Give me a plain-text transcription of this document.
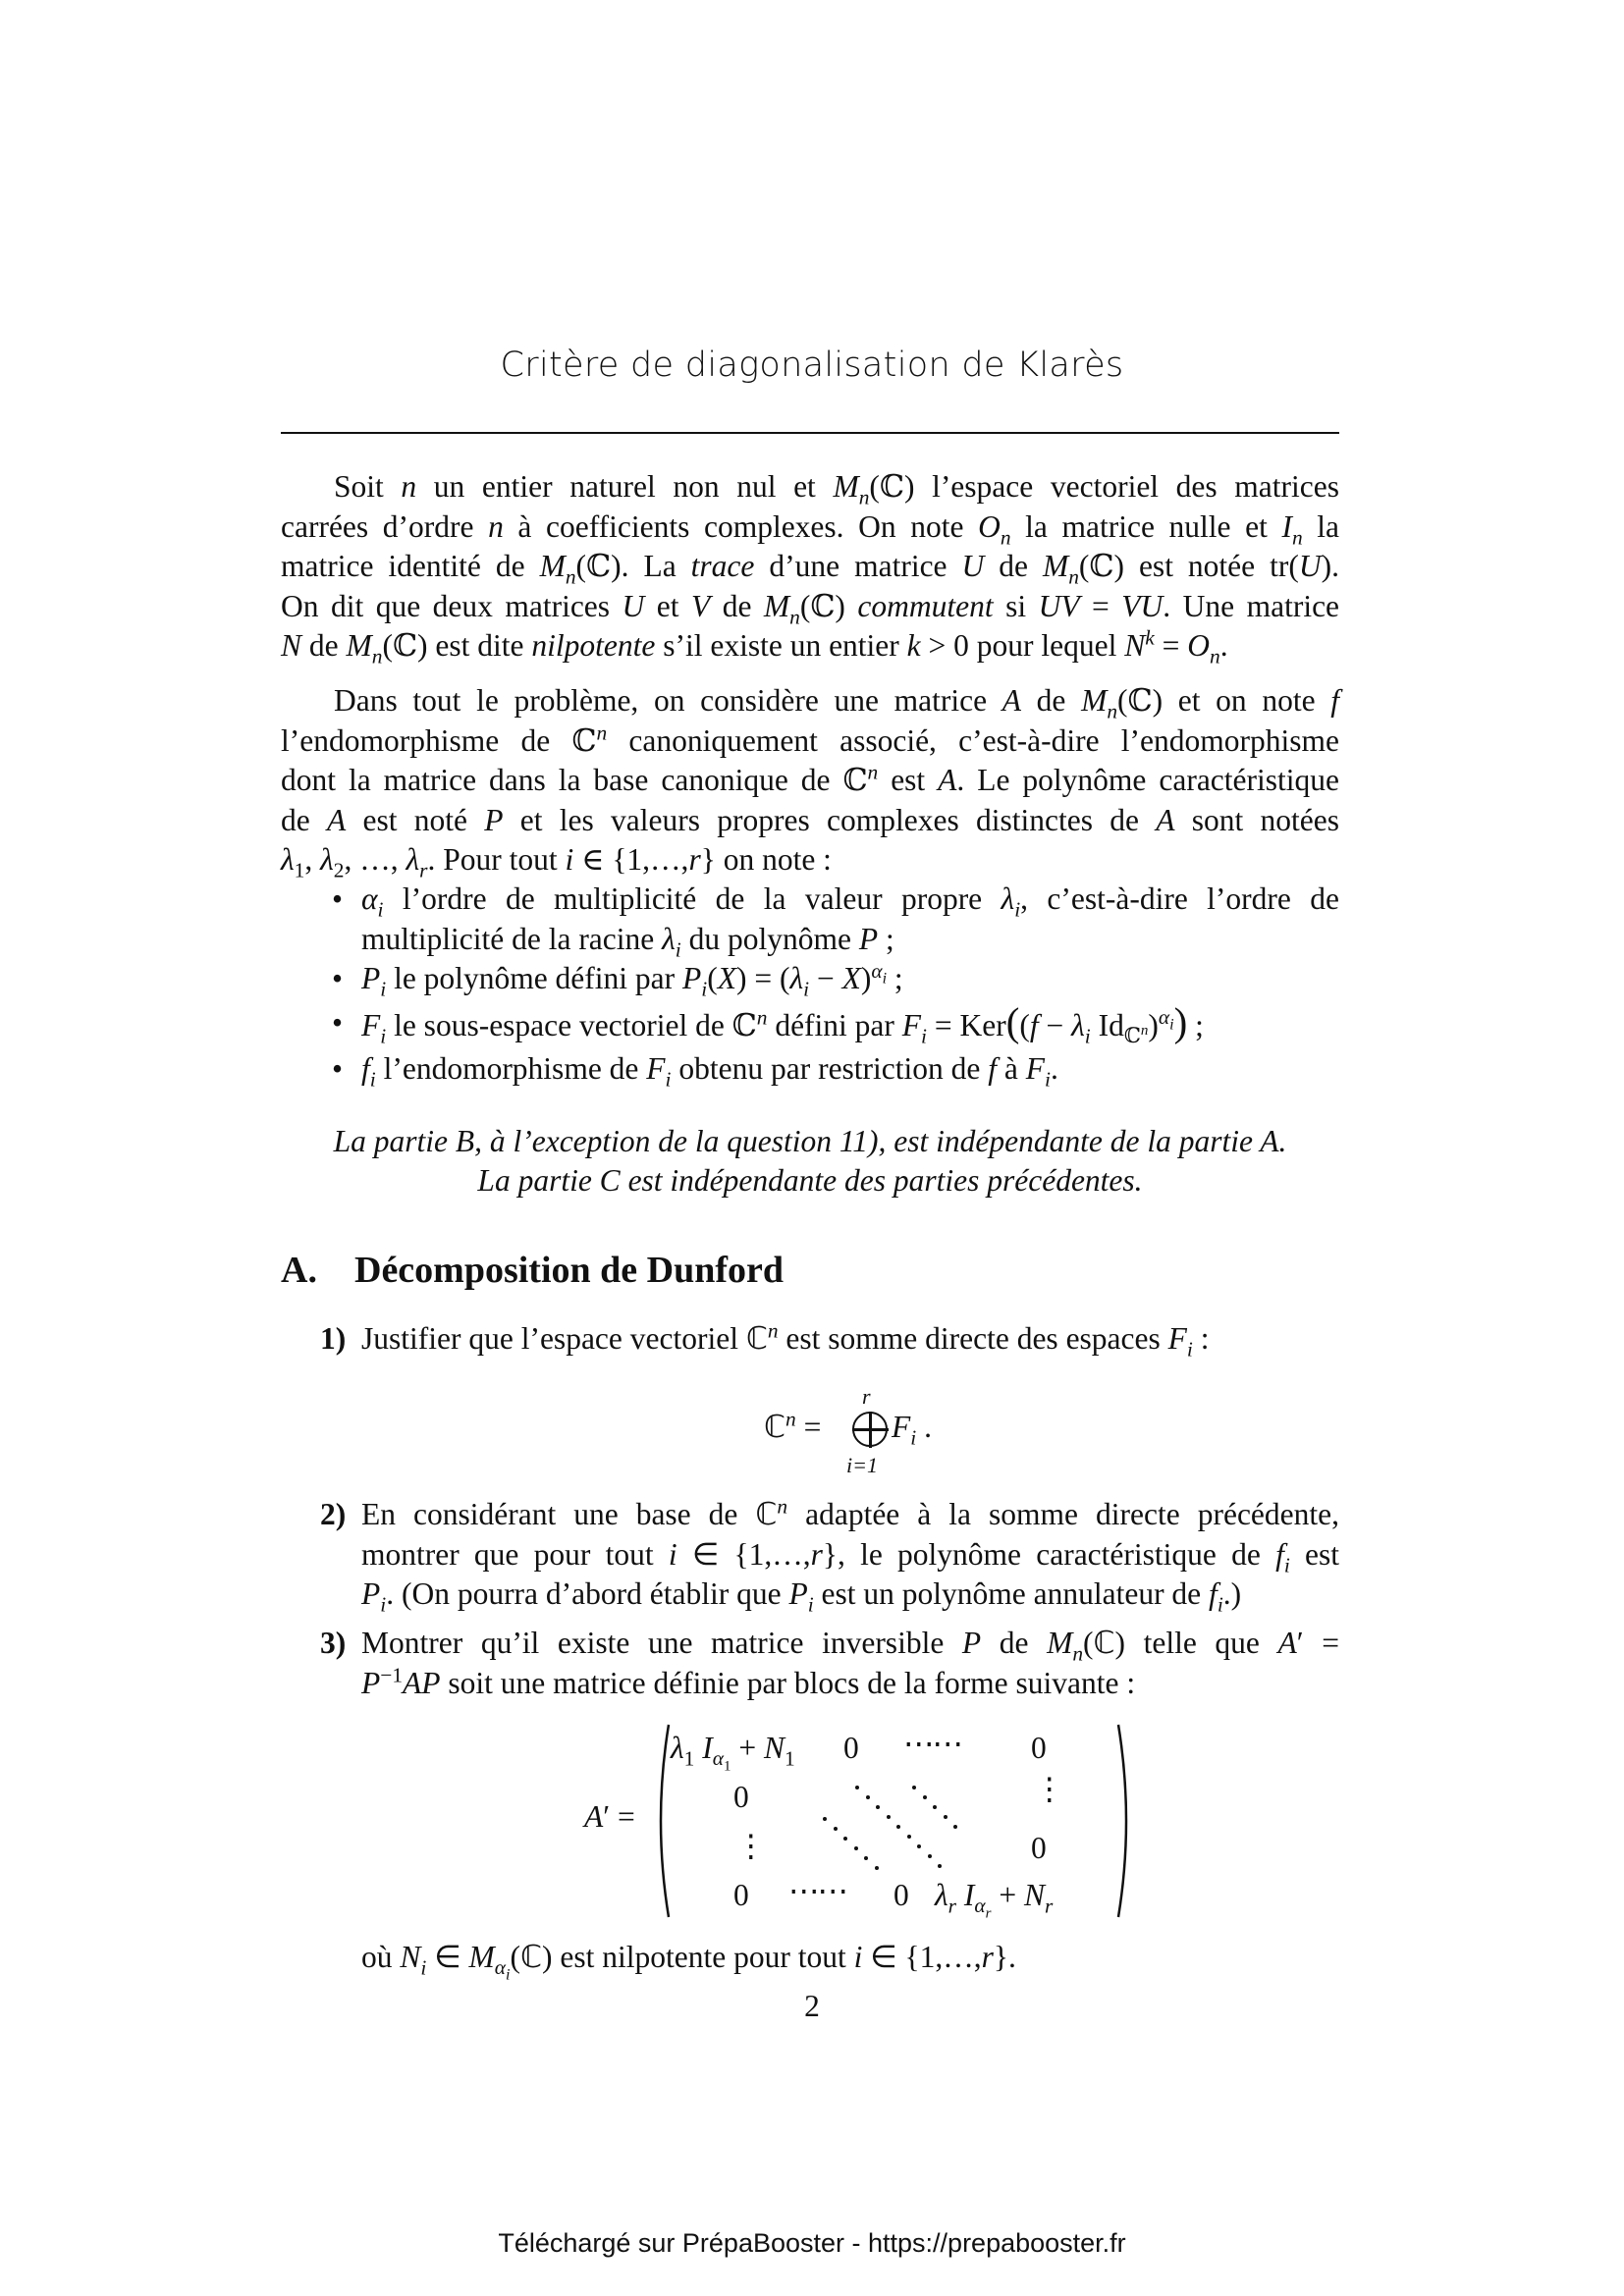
Critère de diagonalisation de Klarès
Soit n un entier naturel non nul et $M_n(ℂ)$ l’espace vectoriel des matrices
carrées d’ordre n à coefficients complexes. On note $O_n$ la matrice nulle et $I_n$ la
matrice identité de $M_n(ℂ)$. La trace d’une matrice U de $M_n(ℂ)$ est notée tr(U).
On dit que deux matrices U et V de $M_n(ℂ)$ commutent si UV = VU. Une matrice
N de $M_n(ℂ)$ est dite nilpotente s’il existe un entier k > 0 pour lequel $N^k = O_n$.
Dans tout le problème, on considère une matrice A de $M_n(ℂ)$ et on note f
l’endomorphisme de ℂ$^n$ canoniquement associé, c’est-à-dire l’endomorphisme
dont la matrice dans la base canonique de ℂ$^n$ est A. Le polynôme caractéristique
de A est noté P et les valeurs propres complexes distinctes de A sont notées
$\lambda_1$, $\lambda_2$, …, $\lambda_r$. Pour tout i ∈ {1,…,r} on note :
• $\alpha_i$ l’ordre de multiplicité de la valeur propre $\lambda_i$, c’est-à-dire l’ordre de
multiplicité de la racine $\lambda_i$ du polynôme P ;
• $P_i$ le polynôme défini par $P_i(X) = (\lambda_i - X)^{\alpha_i}$ ;
• $F_i$ le sous-espace vectoriel de ℂ$^n$ défini par $F_i = Ker((f - \lambda_i$ $Id_{ℂ^n})^{\alpha_i}$) ;
• $f_i$ l’endomorphisme de $F_i$ obtenu par restriction de f à $F_i$.
La partie B, à l’exception de la question 11), est indépendante de la partie A.
La partie C est indépendante des parties précédentes.
A. Décomposition de Dunford
1) Justifier que l’espace vectoriel ℂ$^n$ est somme directe des espaces $F_i$ :
ℂ$^n$ =
r
$F_i$ .
i=1
2) En considérant une base de ℂ$^n$ adaptée à la somme directe précédente,
montrer que pour tout i ∈ {1,…,r}, le polynôme caractéristique de $f_i$ est
$P_i$. (On pourra d’abord établir que $P_i$ est un polynôme annulateur de $f_i$.)
3) Montrer qu’il existe une matrice inversible P de $M_n(ℂ)$ telle que A′ =
$P^{-1}AP$ soit une matrice définie par blocs de la forme suivante :
A′ =
$\lambda_1$ $I_{\alpha_1} + N_1$ 0 ⋯⋯ 0
0	⋮
⋮	0
0 ⋯⋯ 0 $\lambda_r$ $I_{\alpha_r} + N_r$
où $N_i$ ∈ $M_{\alpha_i}(ℂ)$ est nilpotente pour tout i ∈ {1,…,r}.
2
Téléchargé sur PrépaBooster - https://prepabooster.fr
